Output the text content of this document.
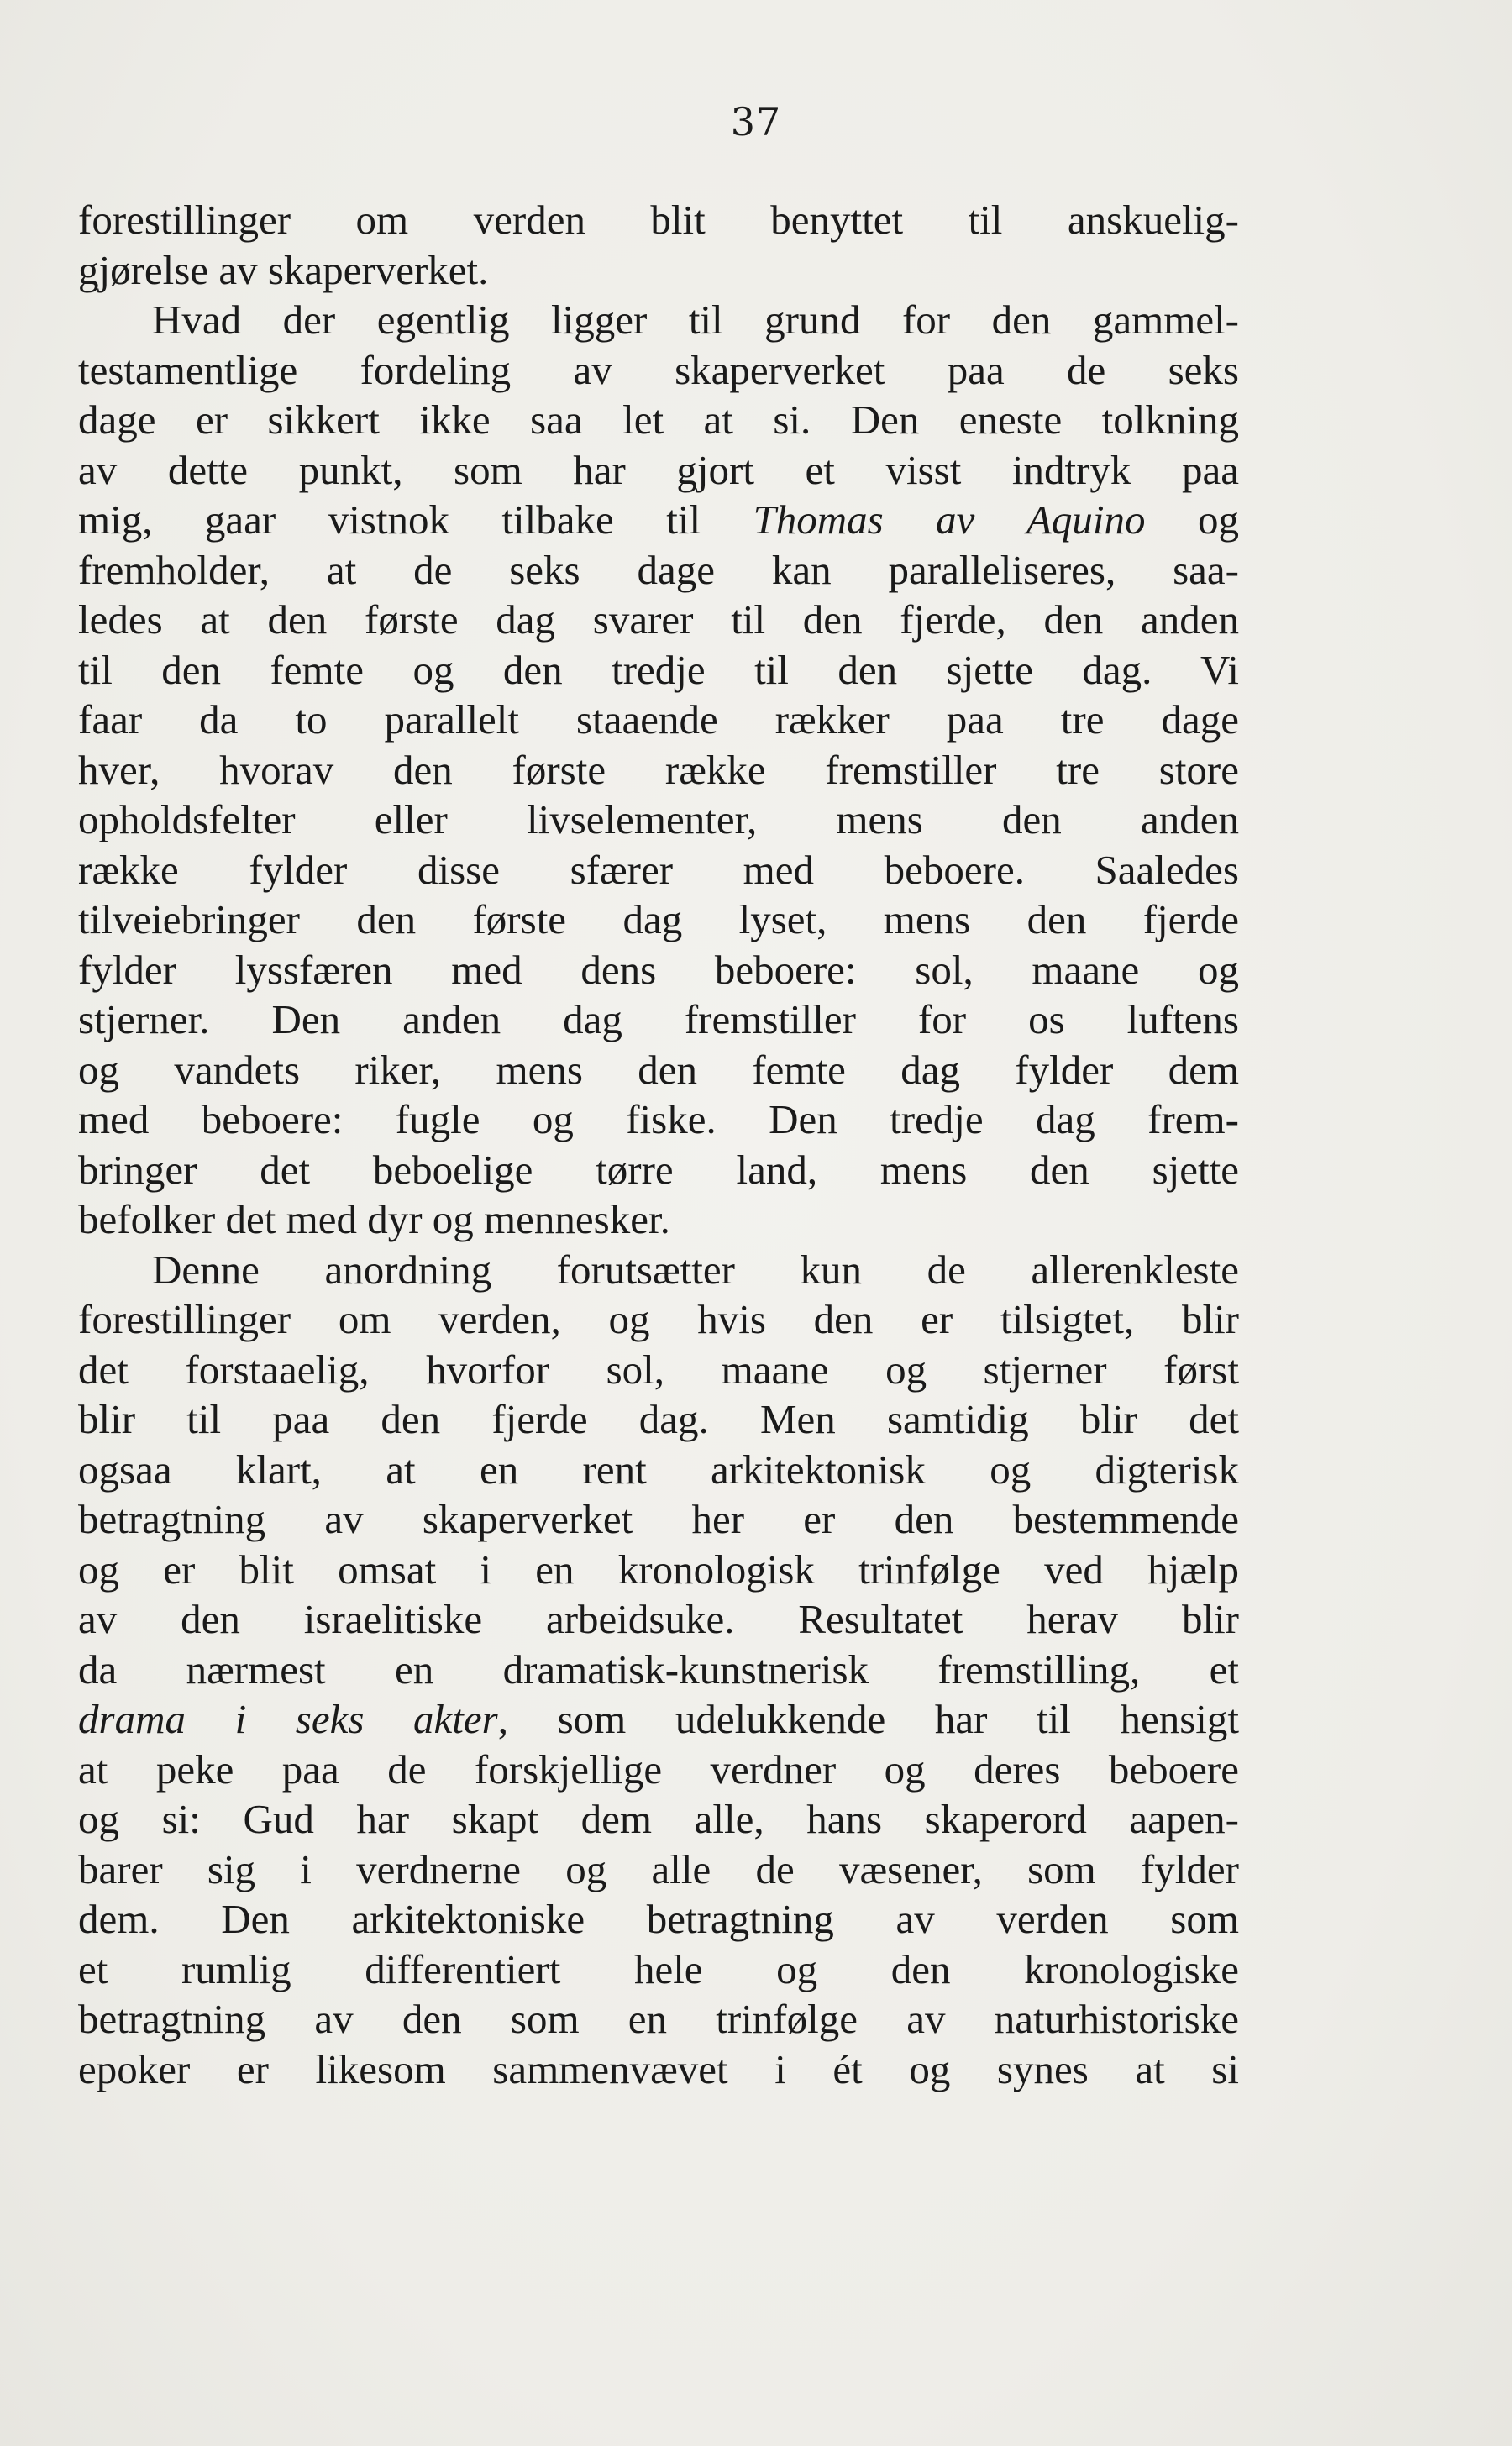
37
forestillinger om verden blit benyttet til anskuelig-
gjørelse av skaperverket.
Hvad der egentlig ligger til grund for den gammel-
testamentlige fordeling av skaperverket paa de seks
dage er sikkert ikke saa let at si. Den eneste tolkning
av dette punkt, som har gjort et visst indtryk paa
mig, gaar vistnok tilbake til Thomas av Aquino og
fremholder, at de seks dage kan paralleliseres, saa-
ledes at den første dag svarer til den fjerde, den anden
til den femte og den tredje til den sjette dag. Vi
faar da to parallelt staaende rækker paa tre dage
hver, hvorav den første række fremstiller tre store
opholdsfelter eller livselementer, mens den anden
række fylder disse sfærer med beboere. Saaledes
tilveiebringer den første dag lyset, mens den fjerde
fylder lyssfæren med dens beboere: sol, maane og
stjerner. Den anden dag fremstiller for os luftens
og vandets riker, mens den femte dag fylder dem
med beboere: fugle og fiske. Den tredje dag frem-
bringer det beboelige tørre land, mens den sjette
befolker det med dyr og mennesker.
Denne anordning forutsætter kun de allerenkleste
forestillinger om verden, og hvis den er tilsigtet, blir
det forstaaelig, hvorfor sol, maane og stjerner først
blir til paa den fjerde dag. Men samtidig blir det
ogsaa klart, at en rent arkitektonisk og digterisk
betragtning av skaperverket her er den bestemmende
og er blit omsat i en kronologisk trinfølge ved hjælp
av den israelitiske arbeidsuke. Resultatet herav blir
da nærmest en dramatisk-kunstnerisk fremstilling, et
drama i seks akter, som udelukkende har til hensigt
at peke paa de forskjellige verdner og deres beboere
og si: Gud har skapt dem alle, hans skaperord aapen-
barer sig i verdnerne og alle de væsener, som fylder
dem. Den arkitektoniske betragtning av verden som
et rumlig differentiert hele og den kronologiske
betragtning av den som en trinfølge av naturhistoriske
epoker er likesom sammenvævet i ét og synes at si
